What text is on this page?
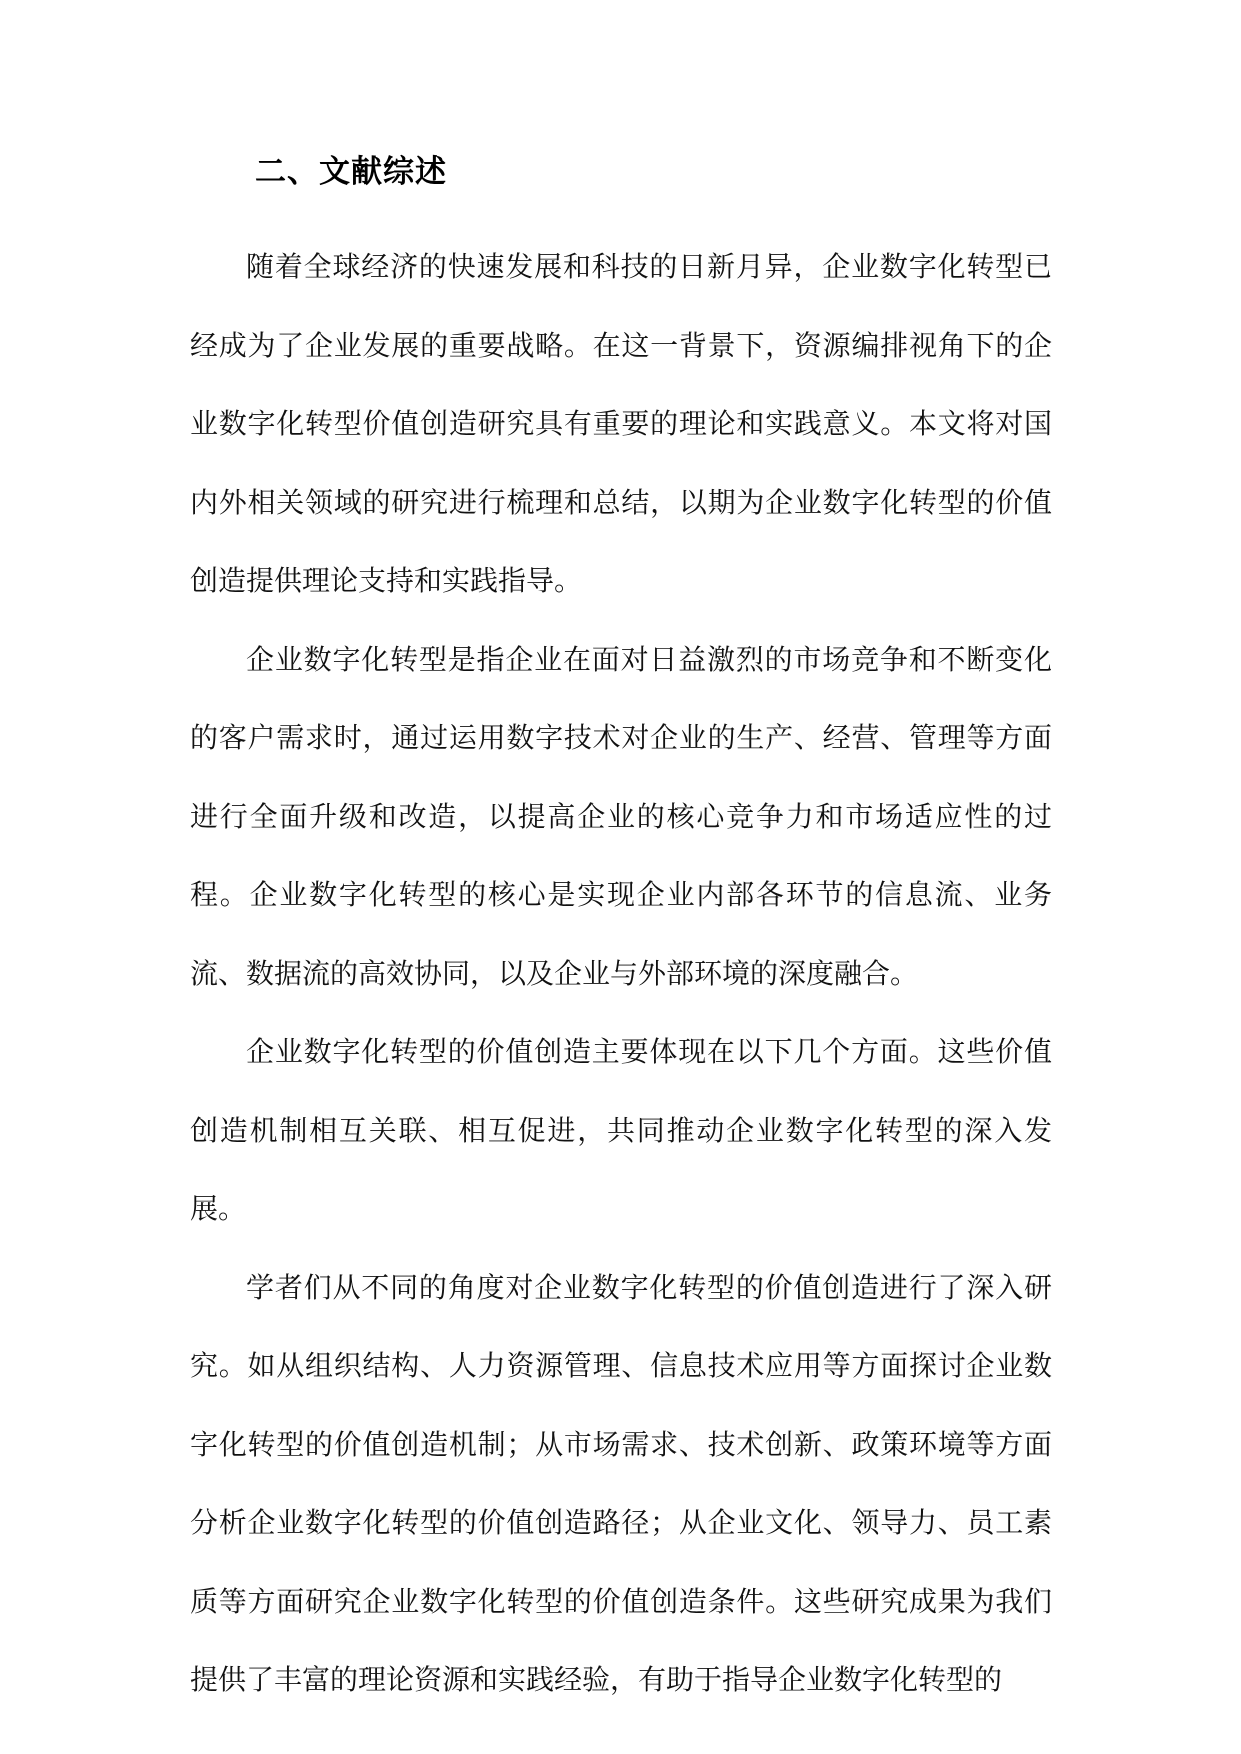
二、文献综述

随着全球经济的快速发展和科技的日新月异，企业数字化转型已经成为了企业发展的重要战略。在这一背景下，资源编排视角下的企业数字化转型价值创造研究具有重要的理论和实践意义。本文将对国内外相关领域的研究进行梳理和总结，以期为企业数字化转型的价值创造提供理论支持和实践指导。

企业数字化转型是指企业在面对日益激烈的市场竞争和不断变化的客户需求时，通过运用数字技术对企业的生产、经营、管理等方面进行全面升级和改造，以提高企业的核心竞争力和市场适应性的过程。企业数字化转型的核心是实现企业内部各环节的信息流、业务流、数据流的高效协同，以及企业与外部环境的深度融合。

企业数字化转型的价值创造主要体现在以下几个方面。这些价值创造机制相互关联、相互促进，共同推动企业数字化转型的深入发展。

学者们从不同的角度对企业数字化转型的价值创造进行了深入研究。如从组织结构、人力资源管理、信息技术应用等方面探讨企业数字化转型的价值创造机制；从市场需求、技术创新、政策环境等方面分析企业数字化转型的价值创造路径；从企业文化、领导力、员工素质等方面研究企业数字化转型的价值创造条件。这些研究成果为我们提供了丰富的理论资源和实践经验，有助于指导企业数字化转型的
